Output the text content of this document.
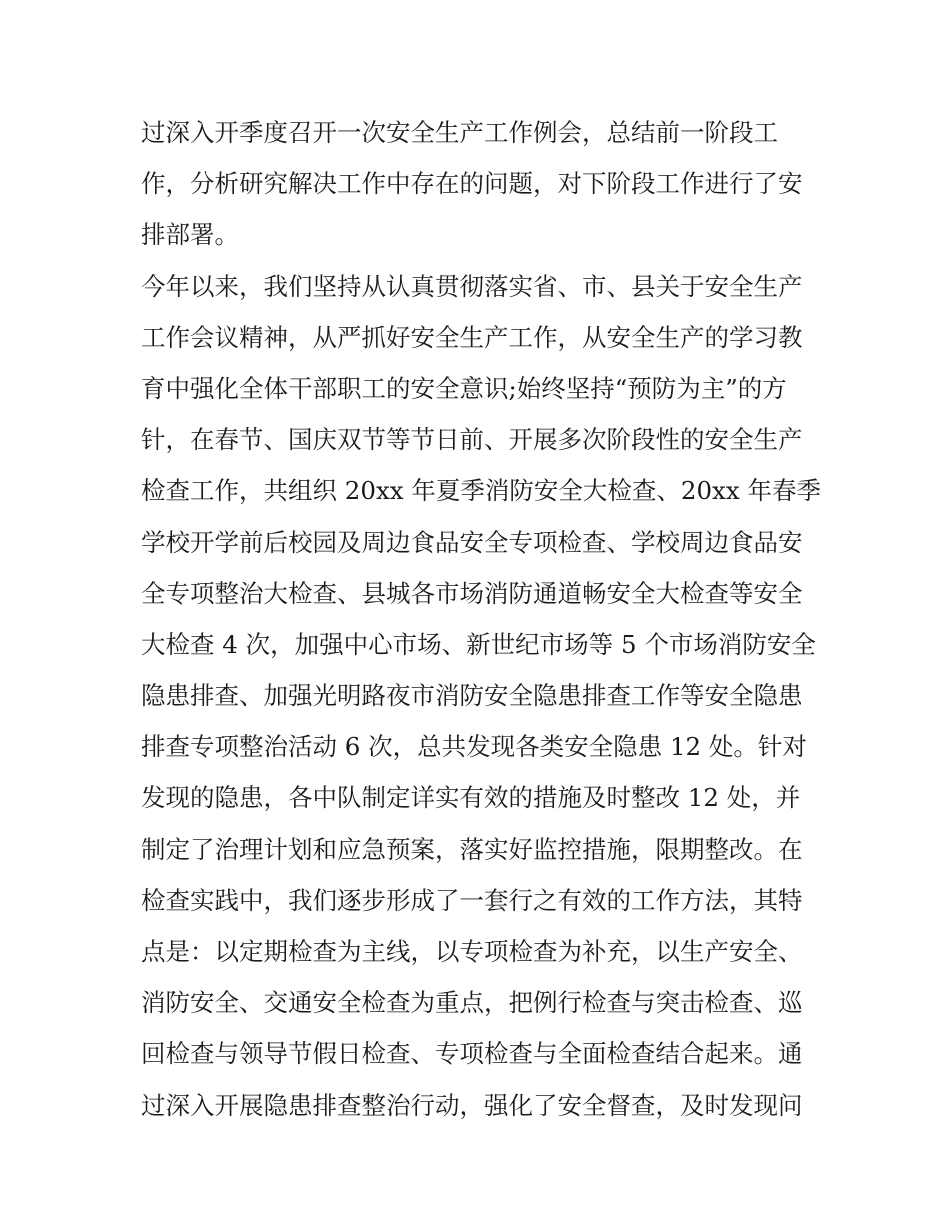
过深入开季度召开一次安全生产工作例会，总结前一阶段工
作，分析研究解决工作中存在的问题，对下阶段工作进行了安
排部署。
今年以来，我们坚持从认真贯彻落实省、市、县关于安全生产
工作会议精神，从严抓好安全生产工作，从安全生产的学习教
育中强化全体干部职工的安全意识;始终坚持“预防为主”的方
针，在春节、国庆双节等节日前、开展多次阶段性的安全生产
检查工作，共组织 20xx 年夏季消防安全大检查、20xx 年春季
学校开学前后校园及周边食品安全专项检查、学校周边食品安
全专项整治大检查、县城各市场消防通道畅安全大检查等安全
大检查 4 次，加强中心市场、新世纪市场等 5 个市场消防安全
隐患排查、加强光明路夜市消防安全隐患排查工作等安全隐患
排查专项整治活动 6 次，总共发现各类安全隐患 12 处。针对
发现的隐患，各中队制定详实有效的措施及时整改 12 处，并
制定了治理计划和应急预案，落实好监控措施，限期整改。在
检查实践中，我们逐步形成了一套行之有效的工作方法，其特
点是：以定期检查为主线，以专项检查为补充，以生产安全、
消防安全、交通安全检查为重点，把例行检查与突击检查、巡
回检查与领导节假日检查、专项检查与全面检查结合起来。通
过深入开展隐患排查整治行动，强化了安全督查，及时发现问
